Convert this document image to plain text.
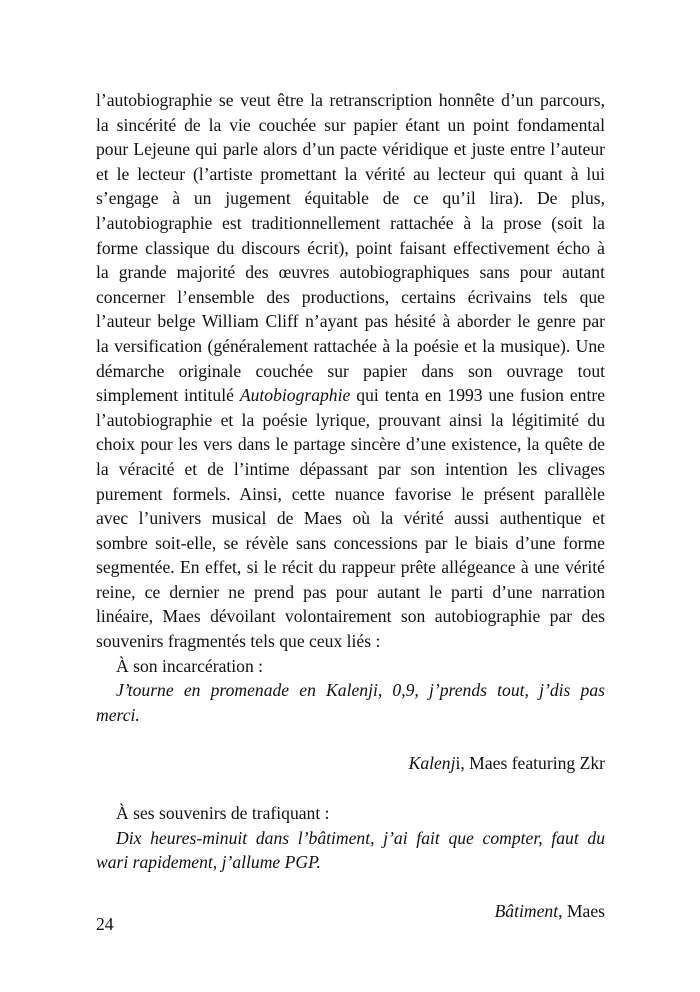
l’autobiographie se veut être la retranscription honnête d’un parcours,
la sincérité de la vie couchée sur papier étant un point fondamental
pour Lejeune qui parle alors d’un pacte véridique et juste entre l’auteur
et le lecteur (l’artiste promettant la vérité au lecteur qui quant à lui
s’engage à un jugement équitable de ce qu’il lira). De plus,
l’autobiographie est traditionnellement rattachée à la prose (soit la
forme classique du discours écrit), point faisant effectivement écho à
la grande majorité des œuvres autobiographiques sans pour autant
concerner l’ensemble des productions, certains écrivains tels que
l’auteur belge William Cliff n’ayant pas hésité à aborder le genre par
la versification (généralement rattachée à la poésie et la musique). Une
démarche originale couchée sur papier dans son ouvrage tout
simplement intitulé Autobiographie qui tenta en 1993 une fusion entre
l’autobiographie et la poésie lyrique, prouvant ainsi la légitimité du
choix pour les vers dans le partage sincère d’une existence, la quête de
la véracité et de l’intime dépassant par son intention les clivages
purement formels. Ainsi, cette nuance favorise le présent parallèle
avec l’univers musical de Maes où la vérité aussi authentique et
sombre soit-elle, se révèle sans concessions par le biais d’une forme
segmentée. En effet, si le récit du rappeur prête allégeance à une vérité
reine, ce dernier ne prend pas pour autant le parti d’une narration
linéaire, Maes dévoilant volontairement son autobiographie par des
souvenirs fragmentés tels que ceux liés :

À son incarcération :

J’tourne en promenade en Kalenji, 0,9, j’prends tout, j’dis pas
merci.

Kalenji, Maes featuring Zkr

À ses souvenirs de trafiquant :

Dix heures-minuit dans l’bâtiment, j’ai fait que compter, faut du
wari rapidement, j’allume PGP.

Bâtiment, Maes

24
